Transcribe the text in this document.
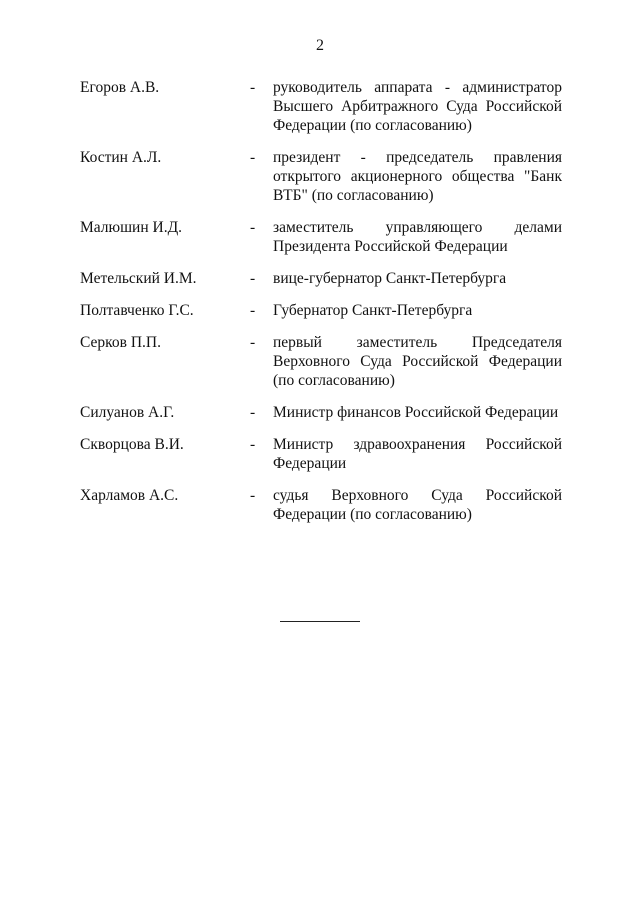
2
Егоров А.В.	-	руководитель аппарата - администратор Высшего Арбитражного Суда Российской Федерации (по согласованию)
Костин А.Л.	-	президент - председатель правления открытого акционерного общества "Банк ВТБ" (по согласованию)
Малюшин И.Д.	-	заместитель управляющего делами Президента Российской Федерации
Метельский И.М.	-	вице-губернатор Санкт-Петербурга
Полтавченко Г.С.	-	Губернатор Санкт-Петербурга
Серков П.П.	-	первый заместитель Председателя Верховного Суда Российской Федерации (по согласованию)
Силуанов А.Г.	-	Министр финансов Российской Федерации
Скворцова В.И.	-	Министр здравоохранения Российской Федерации
Харламов А.С.	-	судья Верховного Суда Российской Федерации (по согласованию)
